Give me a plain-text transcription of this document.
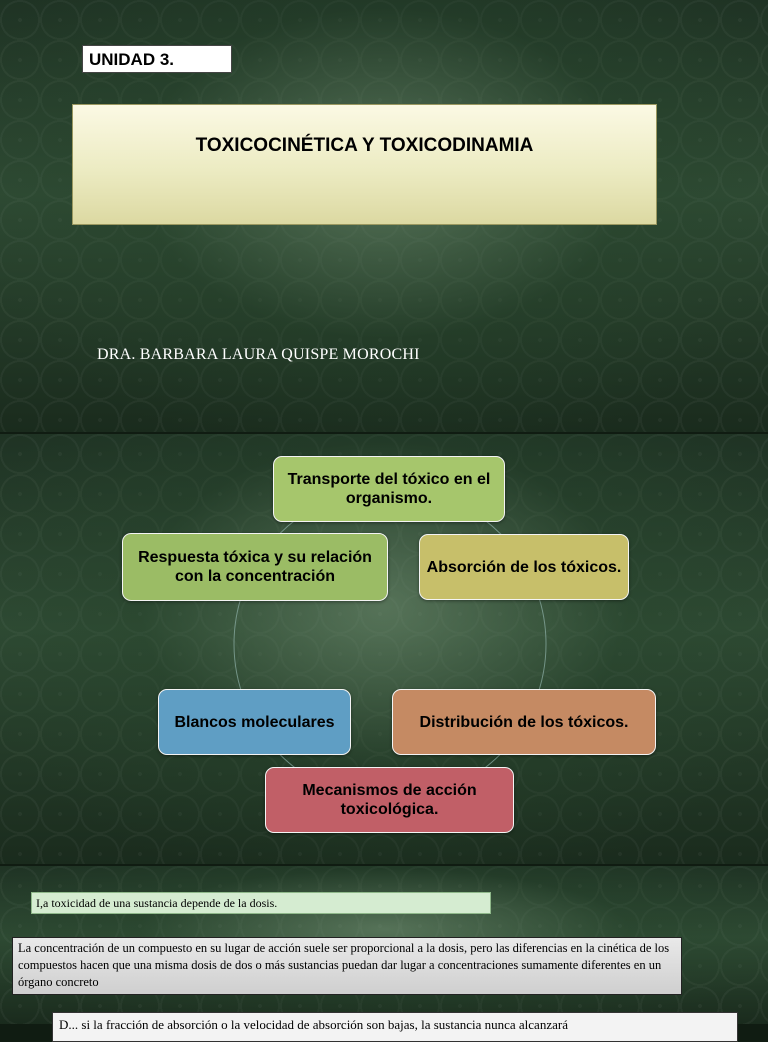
UNIDAD 3.
TOXICOCINÉTICA Y TOXICODINAMIA
DRA. BARBARA LAURA QUISPE MOROCHI
Transporte del tóxico en el organismo.
Absorción de los tóxicos.
Distribución de los tóxicos.
Mecanismos de acción toxicológica.
Blancos moleculares
Respuesta tóxica y su relación con la concentración
I,a toxicidad de una sustancia depende de la dosis.
La concentración de un compuesto en su lugar de acción suele ser proporcional a la dosis, pero las diferencias en la cinética de los compuestos hacen que una misma dosis de dos o más sustancias puedan dar lugar a concentraciones sumamente diferentes en un órgano concreto
D... si la fracción de absorción o la velocidad de absorción son bajas, la sustancia nunca alcanzará
